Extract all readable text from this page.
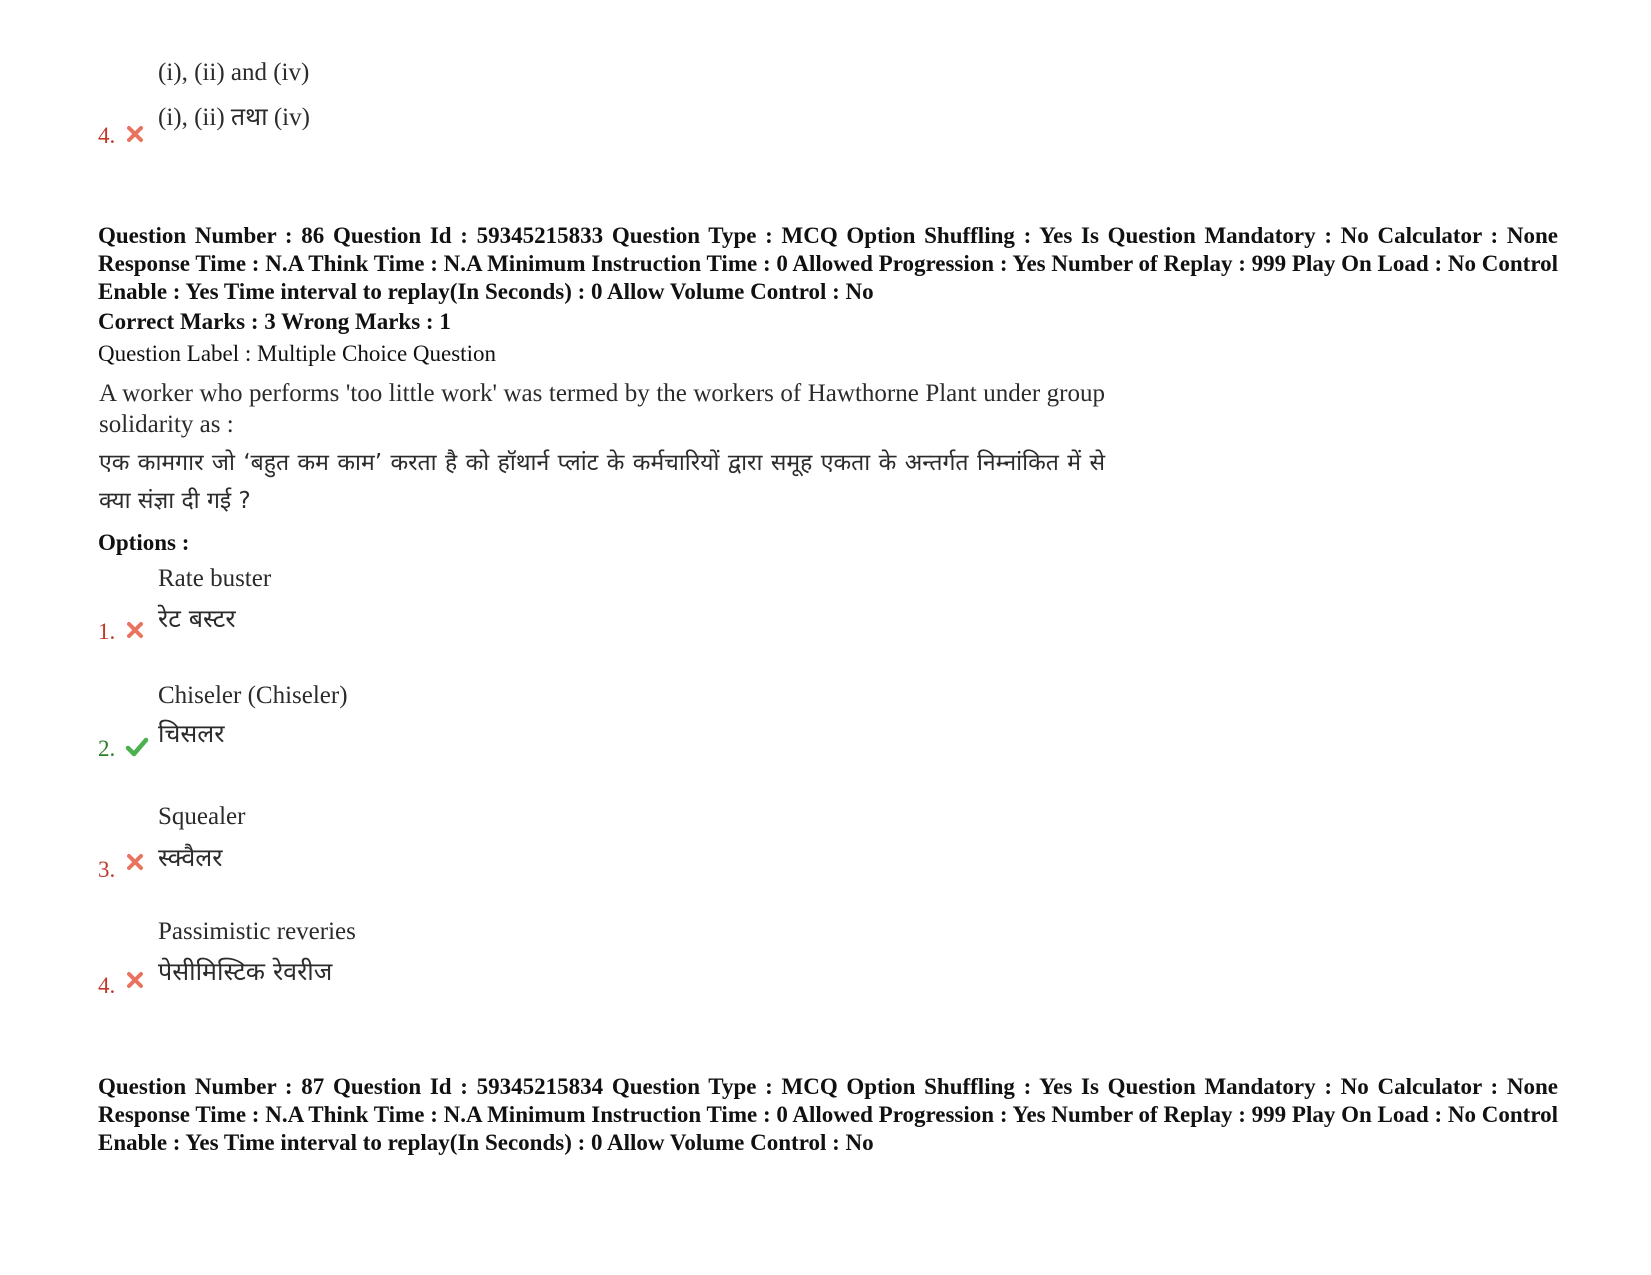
(i), (ii) and (iv)
(i), (ii) तथा (iv)
4.
Question Number : 86 Question Id : 59345215833 Question Type : MCQ Option Shuffling : Yes Is Question Mandatory : No Calculator : None Response Time : N.A Think Time : N.A Minimum Instruction Time : 0 Allowed Progression : Yes Number of Replay : 999 Play On Load : No Control Enable : Yes Time interval to replay(In Seconds) : 0 Allow Volume Control : No
Correct Marks : 3 Wrong Marks : 1
Question Label : Multiple Choice Question
A worker who performs 'too little work' was termed by the workers of Hawthorne Plant under group solidarity as :
एक कामगार जो ‘बहुत कम काम’ करता है को हॉथार्न प्लांट के कर्मचारियों द्वारा समूह एकता के अन्तर्गत निम्नांकित में से क्या संज्ञा दी गई ?
Options :
Rate buster
रेट बस्टर
1.
Chiseler (Chiseler)
चिसलर
2.
Squealer
स्क्वैलर
3.
Passimistic reveries
पेसीमिस्टिक रेवरीज
4.
Question Number : 87 Question Id : 59345215834 Question Type : MCQ Option Shuffling : Yes Is Question Mandatory : No Calculator : None Response Time : N.A Think Time : N.A Minimum Instruction Time : 0 Allowed Progression : Yes Number of Replay : 999 Play On Load : No Control Enable : Yes Time interval to replay(In Seconds) : 0 Allow Volume Control : No
